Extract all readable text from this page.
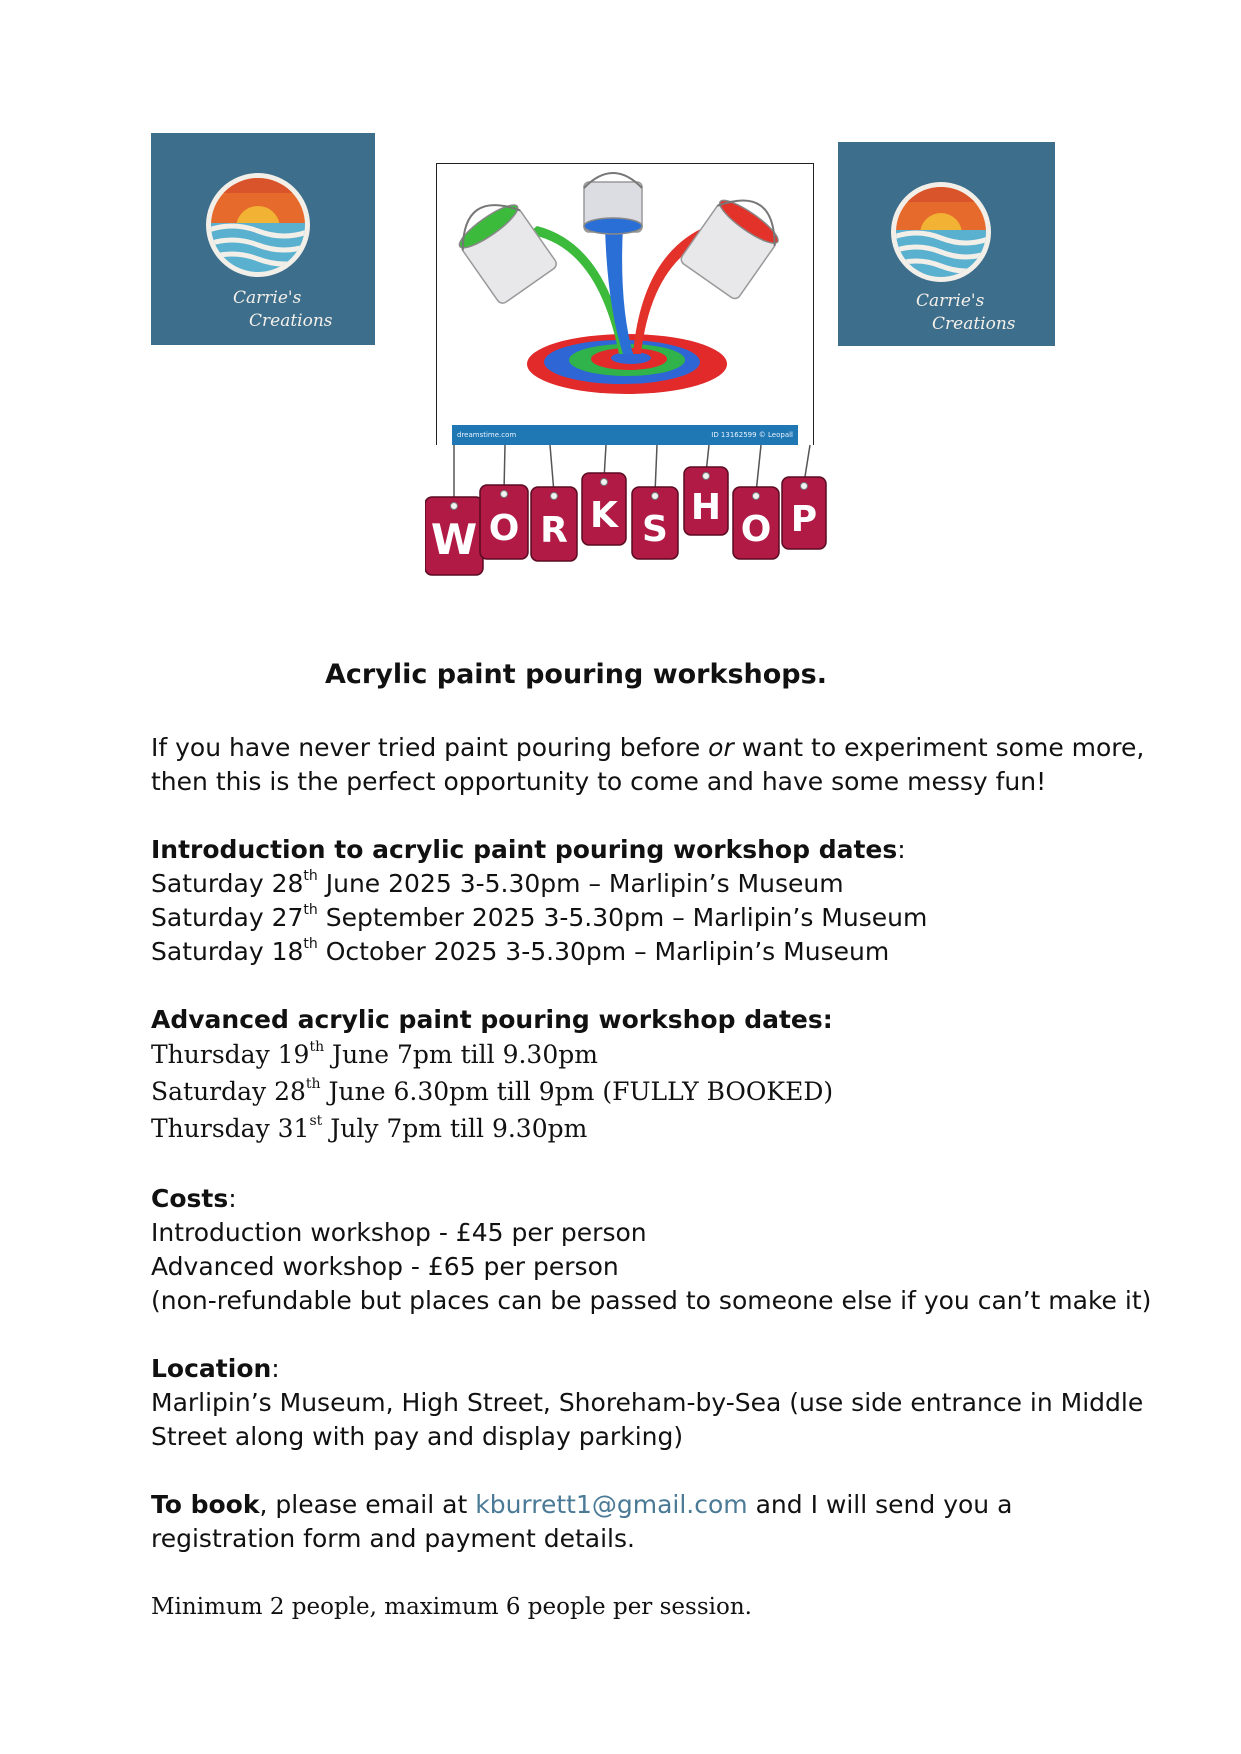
Carrie's
Creations
dreamstime.com	ID 13162599 © Leopall
Carrie's
Creations
W O R K S
H
O P
Acrylic paint pouring workshops.
If you have never tried paint pouring before or want to experiment some more,
then this is the perfect opportunity to come and have some messy fun!
Introduction to acrylic paint pouring workshop dates:
Saturday 28th June 2025 3-5.30pm – Marlipin’s Museum
Saturday 27th September 2025 3-5.30pm – Marlipin’s Museum
Saturday 18th October 2025 3-5.30pm – Marlipin’s Museum
Advanced acrylic paint pouring workshop dates:
Thursday 19th June 7pm till 9.30pm
Saturday 28th June 6.30pm till 9pm (FULLY BOOKED)
Thursday 31st July 7pm till 9.30pm
Costs:
Introduction workshop - £45 per person
Advanced workshop - £65 per person
(non-refundable but places can be passed to someone else if you can’t make it)
Location:
Marlipin’s Museum, High Street, Shoreham-by-Sea (use side entrance in Middle
Street along with pay and display parking)
To book, please email at kburrett1@gmail.com and I will send you a
registration form and payment details.
Minimum 2 people, maximum 6 people per session.
